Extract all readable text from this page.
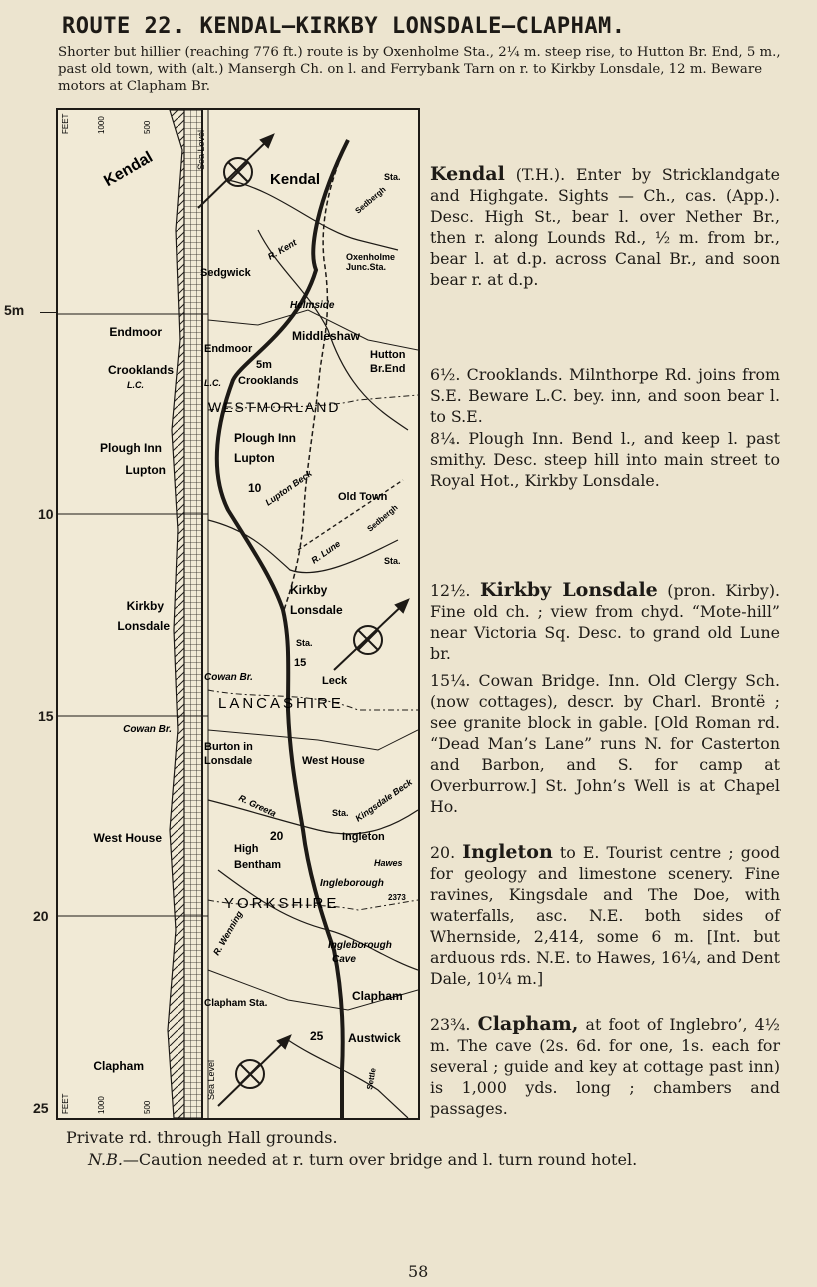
ROUTE 22. KENDAL—KIRKBY LONSDALE—CLAPHAM.
Shorter but hillier (reaching 776 ft.) route is by Oxenholme Sta., 2¼ m. steep rise, to Hutton Br. End, 5 m., past old town, with (alt.) Mansergh Ch. on l. and Ferrybank Tarn on r. to Kirkby Lonsdale, 12 m. Beware motors at Clapham Br.
5m
10
15
20
25
FEET	1000	500
Sea Level
Kendal
Endmoor
Crooklands
L.C.
Plough Inn
Lupton
Kirkby
Lonsdale
Cowan Br.
West House
Clapham
Kendal	Sta.
Sedbergh
R. Kent	Oxenholme
Junc.Sta.
Sedgwick
Helmside
Middleshaw
Hutton
Br.End
Endmoor
5m
Crooklands
L.C.
WESTMORLAND
Plough Inn
Lupton
Lupton Beck Old Town
10
R. Lune
Sedbergh
Sta.
Kirkby
Lonsdale
Sta.
15
Cowan Br.	Leck
LANCASHIRE
Burton in
Lonsdale	West House
R. Greeta	Sta. Kingsdale Beck
20	Ingleton
High
Bentham	Hawes
Ingleborough
2373
YORKSHIRE
R. Wenning	Ingleborough
Cave
Clapham Sta.
Clapham
25 Austwick
Settle
Sea Level
FEET	1000	500
Kendal (T.H.). Enter by Stricklandgate and Highgate. Sights — Ch., cas. (App.). Desc. High St., bear l. over Nether Br., then r. along Lounds Rd., ½ m. from br., bear l. at d.p. across Canal Br., and soon bear r. at d.p.
6½. Crooklands. Milnthorpe Rd. joins from S.E. Beware L.C. bey. inn, and soon bear l. to S.E.
8¼. Plough Inn. Bend l., and keep l. past smithy. Desc. steep hill into main street to Royal Hot., Kirkby Lonsdale.
12½. Kirkby Lonsdale (pron. Kirby). Fine old ch. ; view from chyd. “Mote-hill” near Victoria Sq. Desc. to grand old Lune br.
15¼. Cowan Bridge. Inn. Old Clergy Sch. (now cottages), descr. by Charl. Brontë ; see granite block in gable. [Old Roman rd. “Dead Man’s Lane” runs N. for Casterton and Barbon, and S. for camp at Overburrow.] St. John’s Well is at Chapel Ho.
20. Ingleton to E. Tourist centre ; good for geology and limestone scenery. Fine ravines, Kingsdale and The Doe, with waterfalls, asc. N.E. both sides of Whernside, 2,414, some 6 m. [Int. but arduous rds. N.E. to Hawes, 16¼, and Dent Dale, 10¼ m.]
23¾. Clapham, at foot of Inglebro’, 4½ m. The cave (2s. 6d. for one, 1s. each for several ; guide and key at cottage past inn) is 1,000 yds. long ; chambers and passages.
Private rd. through Hall grounds.
N.B.—Caution needed at r. turn over bridge and l. turn round hotel.
58
